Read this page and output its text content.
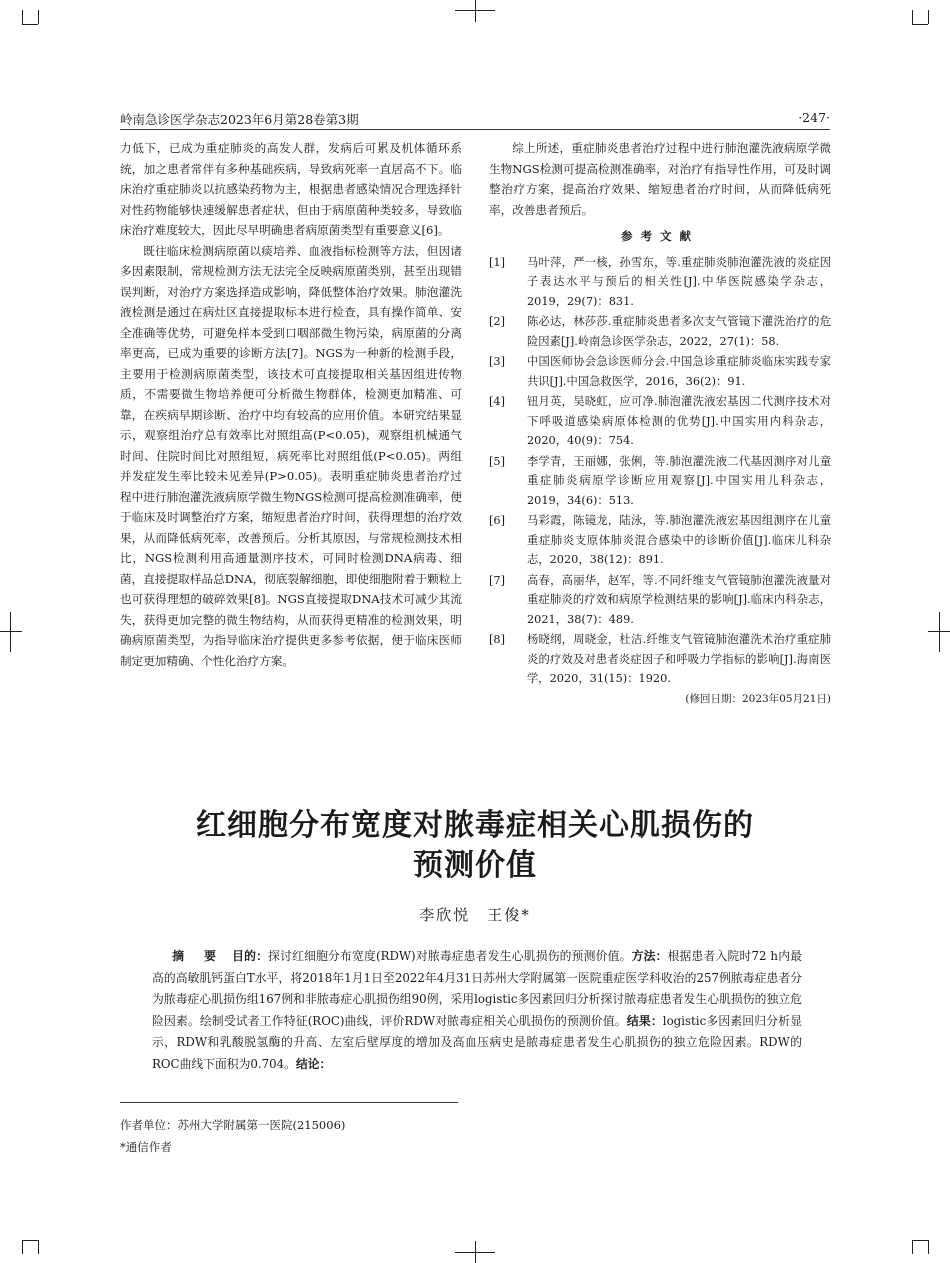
岭南急诊医学杂志2023年6月第28卷第3期	·247·

力低下，已成为重症肺炎的高发人群，发病后可累及机体循环系统，加之患者常伴有多种基础疾病，导致病死率一直居高不下。临床治疗重症肺炎以抗感染药物为主，根据患者感染情况合理选择针对性药物能够快速缓解患者症状，但由于病原菌种类较多，导致临床治疗难度较大，因此尽早明确患者病原菌类型有重要意义[6]。

既往临床检测病原菌以痰培养、血液指标检测等方法，但因诸多因素限制，常规检测方法无法完全反映病原菌类别，甚至出现错误判断，对治疗方案选择造成影响，降低整体治疗效果。肺泡灌洗液检测是通过在病灶区直接提取标本进行检查，具有操作简单、安全准确等优势，可避免样本受到口咽部微生物污染，病原菌的分离率更高，已成为重要的诊断方法[7]。NGS为一种新的检测手段，主要用于检测病原菌类型，该技术可直接提取相关基因组进传物质，不需要微生物培养便可分析微生物群体，检测更加精准、可靠，在疾病早期诊断、治疗中均有较高的应用价值。本研究结果显示，观察组治疗总有效率比对照组高(P<0.05)，观察组机械通气时间、住院时间比对照组短，病死率比对照组低(P<0.05)。两组并发症发生率比较未见差异(P>0.05)。表明重症肺炎患者治疗过程中进行肺泡灌洗液病原学微生物NGS检测可提高检测准确率，便于临床及时调整治疗方案，缩短患者治疗时间，获得理想的治疗效果，从而降低病死率，改善预后。分析其原因，与常规检测技术相比，NGS检测利用高通量测序技术，可同时检测DNA病毒、细菌，直接提取样品总DNA，彻底裂解细胞，即使细胞附着于颗粒上也可获得理想的破碎效果[8]。NGS直接提取DNA技术可减少其流失，获得更加完整的微生物结构，从而获得更精准的检测效果，明确病原菌类型，为指导临床治疗提供更多参考依据，便于临床医师制定更加精确、个性化治疗方案。

综上所述，重症肺炎患者治疗过程中进行肺泡灌洗液病原学微生物NGS检测可提高检测准确率，对治疗有指导性作用，可及时调整治疗方案，提高治疗效果、缩短患者治疗时间，从而降低病死率，改善患者预后。

参考文献
[1] 马叶萍，严一核，孙雪东，等.重症肺炎肺泡灌洗液的炎症因子表达水平与预后的相关性[J].中华医院感染学杂志，2019，29(7)：831.
[2] 陈必达，林莎莎.重症肺炎患者多次支气管镜下灌洗治疗的危险因素[J].岭南急诊医学杂志，2022，27(1)：58.
[3] 中国医师协会急诊医师分会.中国急诊重症肺炎临床实践专家共识[J].中国急救医学，2016，36(2)：91.
[4] 钮月英，吴晓虹，应可净.肺泡灌洗液宏基因二代测序技术对下呼吸道感染病原体检测的优势[J].中国实用内科杂志，2020，40(9)：754.
[5] 李学青，王丽娜，张俐，等.肺泡灌洗液二代基因测序对儿童重症肺炎病原学诊断应用观察[J].中国实用儿科杂志，2019，34(6)：513.
[6] 马彩霞，陈镜龙，陆泳，等.肺泡灌洗液宏基因组测序在儿童重症肺炎支原体肺炎混合感染中的诊断价值[J].临床儿科杂志，2020，38(12)：891.
[7] 高春，高丽华，赵军，等.不同纤维支气管镜肺泡灌洗液量对重症肺炎的疗效和病原学检测结果的影响[J].临床内科杂志，2021，38(7)：489.
[8] 杨晓纲，周晓金，杜洁.纤维支气管镜肺泡灌洗术治疗重症肺炎的疗效及对患者炎症因子和呼吸力学指标的影响[J].海南医学，2020，31(15)：1920.
(修回日期：2023年05月21日)
红细胞分布宽度对脓毒症相关心肌损伤的
预测价值
李欣悦　王俊*
摘　要　 目的：探讨红细胞分布宽度(RDW)对脓毒症患者发生心肌损伤的预测价值。方法：根据患者入院时72 h内最高的高敏肌钙蛋白T水平，将2018年1月1日至2022年4月31日苏州大学附属第一医院重症医学科收治的257例脓毒症患者分为脓毒症心肌损伤组167例和非脓毒症心肌损伤组90例，采用logistic多因素回归分析探讨脓毒症患者发生心肌损伤的独立危险因素。绘制受试者工作特征(ROC)曲线，评价RDW对脓毒症相关心肌损伤的预测价值。结果：logistic多因素回归分析显示，RDW和乳酸脱氢酶的升高、左室后壁厚度的增加及高血压病史是脓毒症患者发生心肌损伤的独立危险因素。RDW的ROC曲线下面积为0.704。结论：
作者单位：苏州大学附属第一医院(215006)
*通信作者
